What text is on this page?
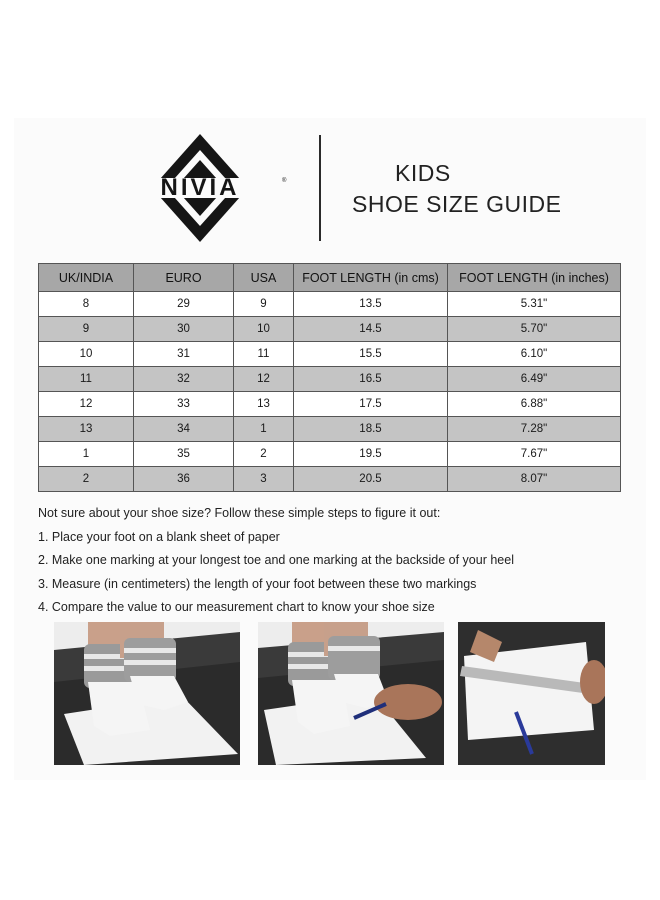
NIVIA	®	KIDS
SHOE SIZE GUIDE
UK/INDIA	EURO	USA	FOOT LENGTH (in cms)	FOOT LENGTH (in inches)
8	29	9	13.5	5.31"
9	30	10	14.5	5.70"
10	31	11	15.5	6.10"
11	32	12	16.5	6.49"
12	33	13	17.5	6.88"
13	34	1	18.5	7.28"
1	35	2	19.5	7.67"
2	36	3	20.5	8.07"
Not sure about your shoe size? Follow these simple steps to figure it out:
1. Place your foot on a blank sheet of paper
2. Make one marking at your longest toe and one marking at the backside of your heel
3. Measure (in centimeters) the length of your foot between these two markings
4. Compare the value to our measurement chart to know your shoe size
